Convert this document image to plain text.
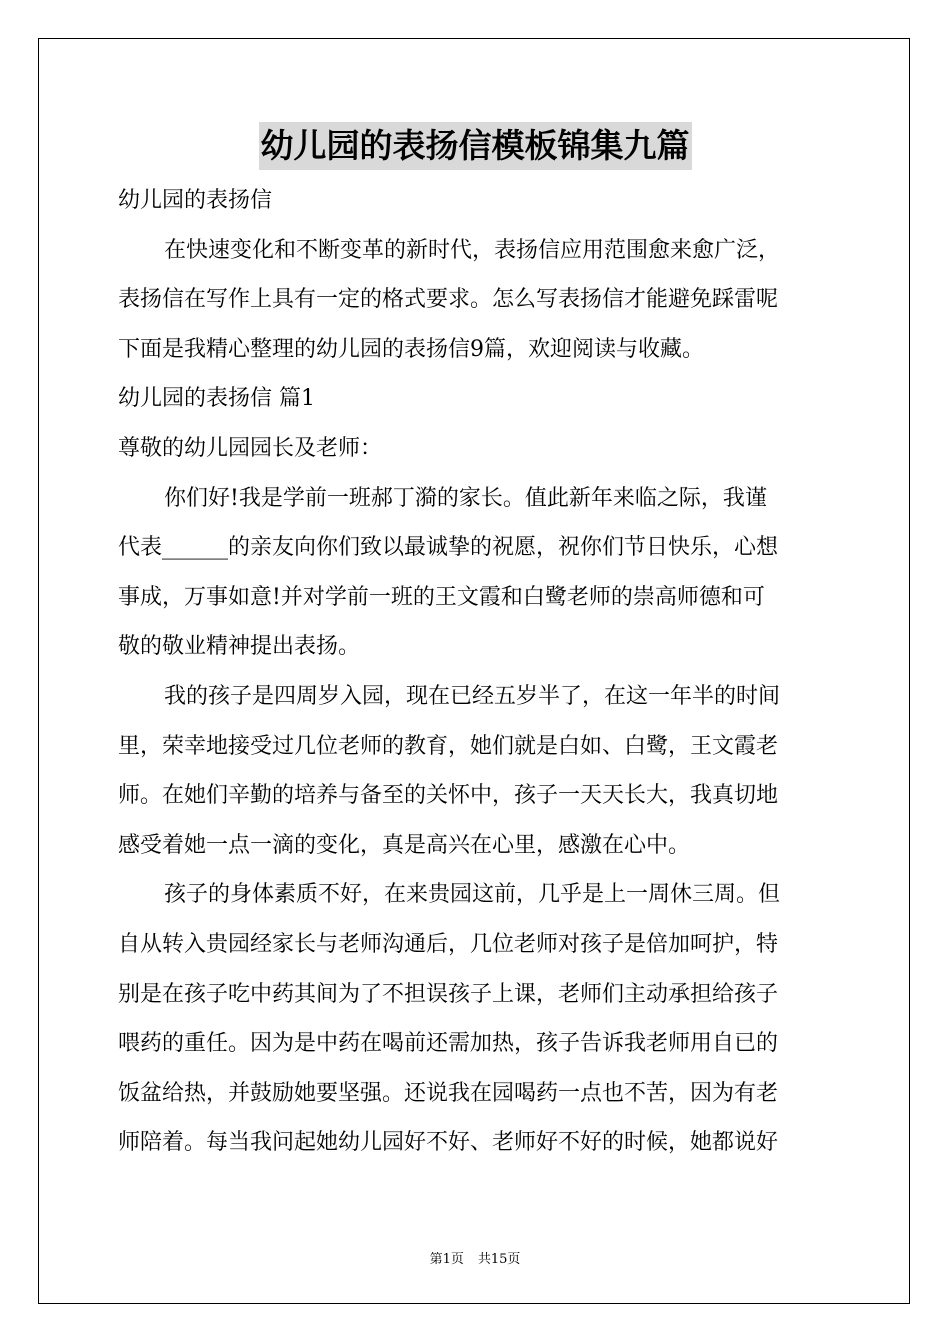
幼儿园的表扬信模板锦集九篇

幼儿园的表扬信

在快速变化和不断变革的新时代，表扬信应用范围愈来愈广泛，

表扬信在写作上具有一定的格式要求。怎么写表扬信才能避免踩雷呢

下面是我精心整理的幼儿园的表扬信9篇，欢迎阅读与收藏。

幼儿园的表扬信 篇1

尊敬的幼儿园园长及老师：

你们好!我是学前一班郝丁漪的家长。值此新年来临之际，我谨

代表______的亲友向你们致以最诚挚的祝愿，祝你们节日快乐，心想

事成，万事如意!并对学前一班的王文霞和白鹭老师的崇高师德和可

敬的敬业精神提出表扬。

我的孩子是四周岁入园，现在已经五岁半了，在这一年半的时间

里，荣幸地接受过几位老师的教育，她们就是白如、白鹭，王文霞老

师。在她们辛勤的培养与备至的关怀中，孩子一天天长大，我真切地

感受着她一点一滴的变化，真是高兴在心里，感激在心中。

孩子的身体素质不好，在来贵园这前，几乎是上一周休三周。但

自从转入贵园经家长与老师沟通后，几位老师对孩子是倍加呵护，特

别是在孩子吃中药其间为了不担误孩子上课，老师们主动承担给孩子

喂药的重任。因为是中药在喝前还需加热，孩子告诉我老师用自已的

饭盆给热，并鼓励她要坚强。还说我在园喝药一点也不苦，因为有老

师陪着。每当我问起她幼儿园好不好、老师好不好的时候，她都说好

第1页 共15页
